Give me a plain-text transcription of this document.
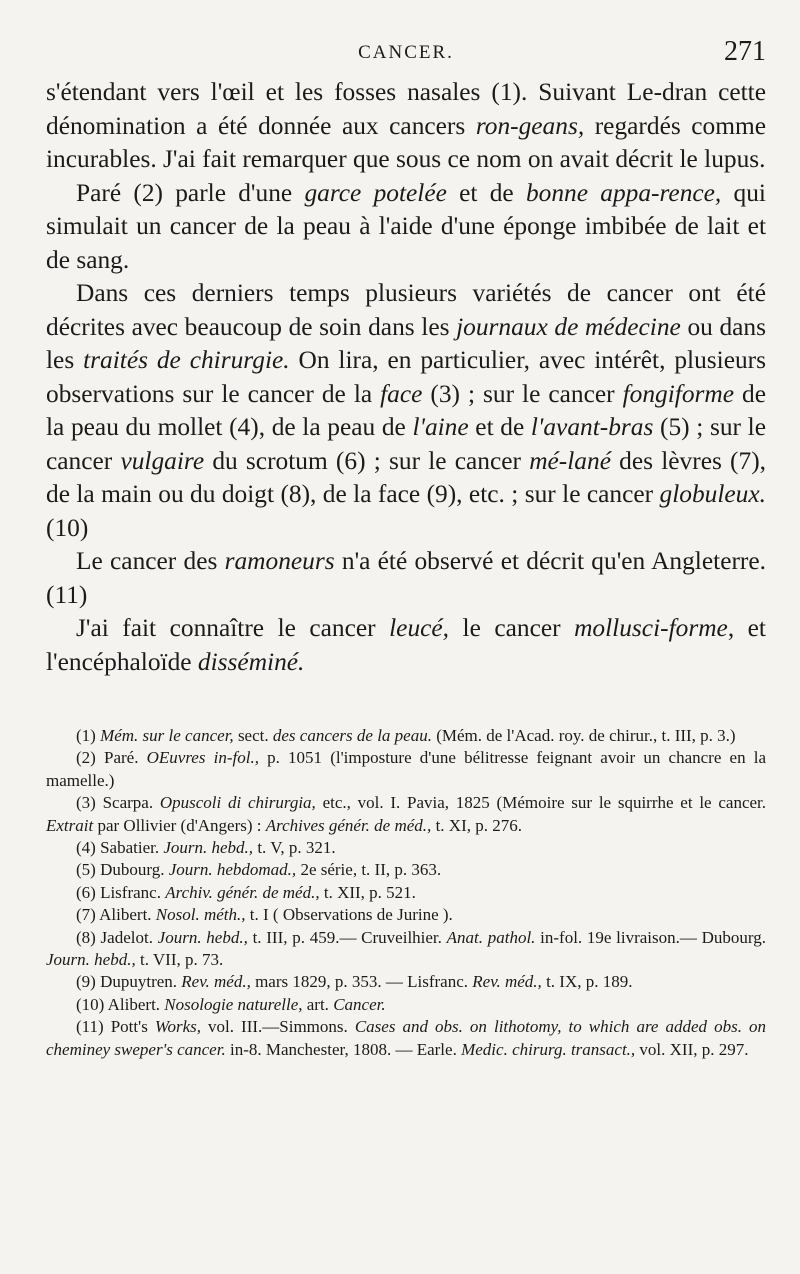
CANCER.	271

s'étendant vers l'œil et les fosses nasales (1). Suivant Le-dran cette dénomination a été donnée aux cancers ron-geans, regardés comme incurables. J'ai fait remarquer que sous ce nom on avait décrit le lupus.

Paré (2) parle d'une garce potelée et de bonne appa-rence, qui simulait un cancer de la peau à l'aide d'une éponge imbibée de lait et de sang.

Dans ces derniers temps plusieurs variétés de cancer ont été décrites avec beaucoup de soin dans les journaux de médecine ou dans les traités de chirurgie. On lira, en particulier, avec intérêt, plusieurs observations sur le cancer de la face (3) ; sur le cancer fongiforme de la peau du mollet (4), de la peau de l'aine et de l'avant-bras (5) ; sur le cancer vulgaire du scrotum (6) ; sur le cancer mé-lané des lèvres (7), de la main ou du doigt (8), de la face (9), etc. ; sur le cancer globuleux. (10)

Le cancer des ramoneurs n'a été observé et décrit qu'en Angleterre. (11)

J'ai fait connaître le cancer leucé, le cancer mollusci-forme, et l'encéphaloïde disséminé.

(1) Mém. sur le cancer, sect. des cancers de la peau. (Mém. de l'Acad. roy. de chirur., t. III, p. 3.)

(2) Paré. OEuvres in-fol., p. 1051 (l'imposture d'une bélitresse feignant avoir un chancre en la mamelle.)

(3) Scarpa. Opuscoli di chirurgia, etc., vol. I. Pavia, 1825 (Mémoire sur le squirrhe et le cancer. Extrait par Ollivier (d'Angers) : Archives génér. de méd., t. XI, p. 276.

(4) Sabatier. Journ. hebd., t. V, p. 321.

(5) Dubourg. Journ. hebdomad., 2e série, t. II, p. 363.

(6) Lisfranc. Archiv. génér. de méd., t. XII, p. 521.

(7) Alibert. Nosol. méth., t. I ( Observations de Jurine ).

(8) Jadelot. Journ. hebd., t. III, p. 459.— Cruveilhier. Anat. pathol. in-fol. 19e livraison.— Dubourg. Journ. hebd., t. VII, p. 73.

(9) Dupuytren. Rev. méd., mars 1829, p. 353. — Lisfranc. Rev. méd., t. IX, p. 189.

(10) Alibert. Nosologie naturelle, art. Cancer.

(11) Pott's Works, vol. III.—Simmons. Cases and obs. on lithotomy, to which are added obs. on cheminey sweper's cancer. in-8. Manchester, 1808. — Earle. Medic. chirurg. transact., vol. XII, p. 297.
